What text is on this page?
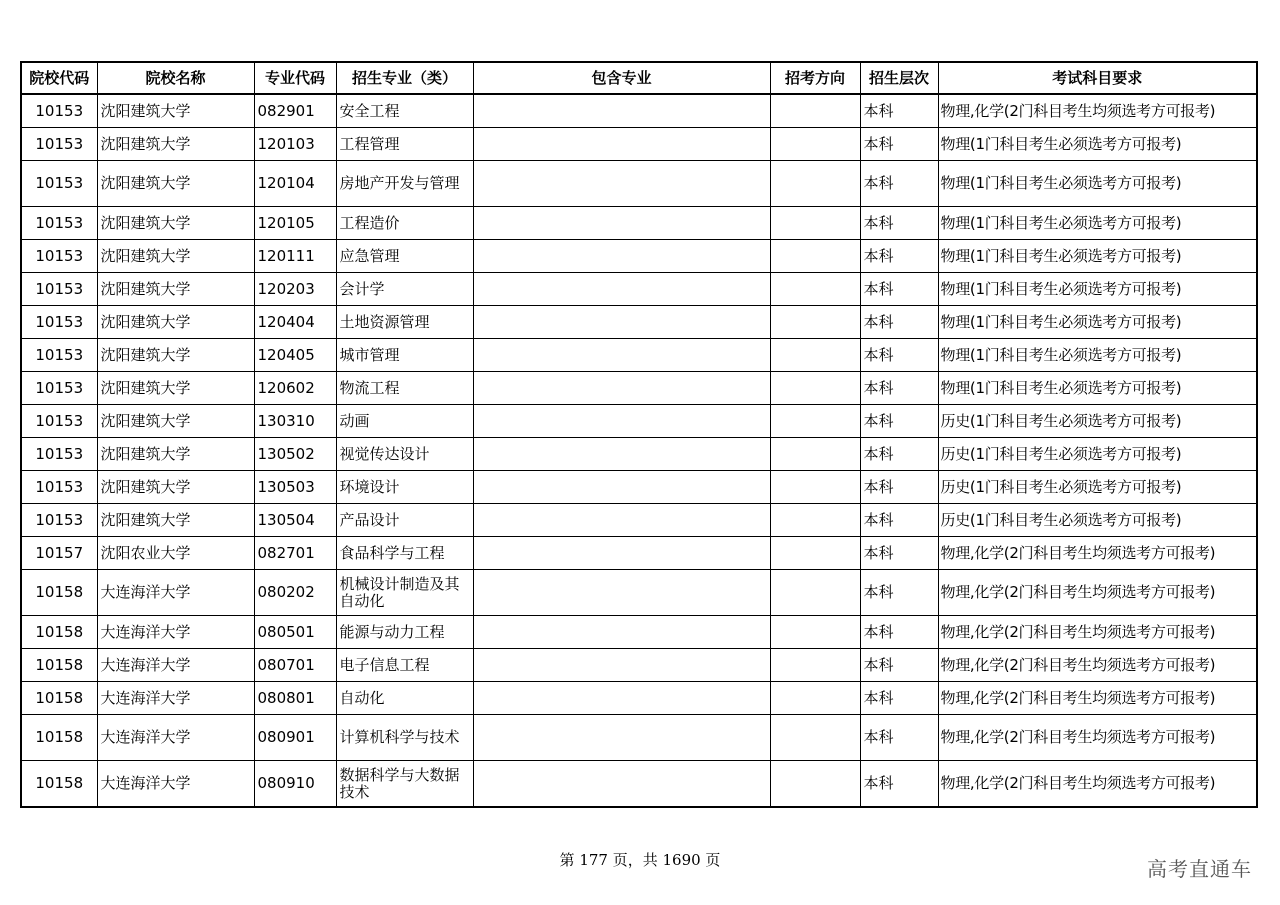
院校代码	院校名称	专业代码	招生专业（类）	包含专业	招考方向	招生层次	考试科目要求
10153	沈阳建筑大学	082901	安全工程			本科	物理,化学(2门科目考生均须选考方可报考)
10153	沈阳建筑大学	120103	工程管理			本科	物理(1门科目考生必须选考方可报考)
10153	沈阳建筑大学	120104	房地产开发与管理			本科	物理(1门科目考生必须选考方可报考)
10153	沈阳建筑大学	120105	工程造价			本科	物理(1门科目考生必须选考方可报考)
10153	沈阳建筑大学	120111	应急管理			本科	物理(1门科目考生必须选考方可报考)
10153	沈阳建筑大学	120203	会计学			本科	物理(1门科目考生必须选考方可报考)
10153	沈阳建筑大学	120404	土地资源管理			本科	物理(1门科目考生必须选考方可报考)
10153	沈阳建筑大学	120405	城市管理			本科	物理(1门科目考生必须选考方可报考)
10153	沈阳建筑大学	120602	物流工程			本科	物理(1门科目考生必须选考方可报考)
10153	沈阳建筑大学	130310	动画			本科	历史(1门科目考生必须选考方可报考)
10153	沈阳建筑大学	130502	视觉传达设计			本科	历史(1门科目考生必须选考方可报考)
10153	沈阳建筑大学	130503	环境设计			本科	历史(1门科目考生必须选考方可报考)
10153	沈阳建筑大学	130504	产品设计			本科	历史(1门科目考生必须选考方可报考)
10157	沈阳农业大学	082701	食品科学与工程			本科	物理,化学(2门科目考生均须选考方可报考)
10158	大连海洋大学	080202	机械设计制造及其自动化			本科	物理,化学(2门科目考生均须选考方可报考)
10158	大连海洋大学	080501	能源与动力工程			本科	物理,化学(2门科目考生均须选考方可报考)
10158	大连海洋大学	080701	电子信息工程			本科	物理,化学(2门科目考生均须选考方可报考)
10158	大连海洋大学	080801	自动化			本科	物理,化学(2门科目考生均须选考方可报考)
10158	大连海洋大学	080901	计算机科学与技术			本科	物理,化学(2门科目考生均须选考方可报考)
10158	大连海洋大学	080910	数据科学与大数据技术			本科	物理,化学(2门科目考生均须选考方可报考)
第 177 页，共 1690 页	高考直通车
